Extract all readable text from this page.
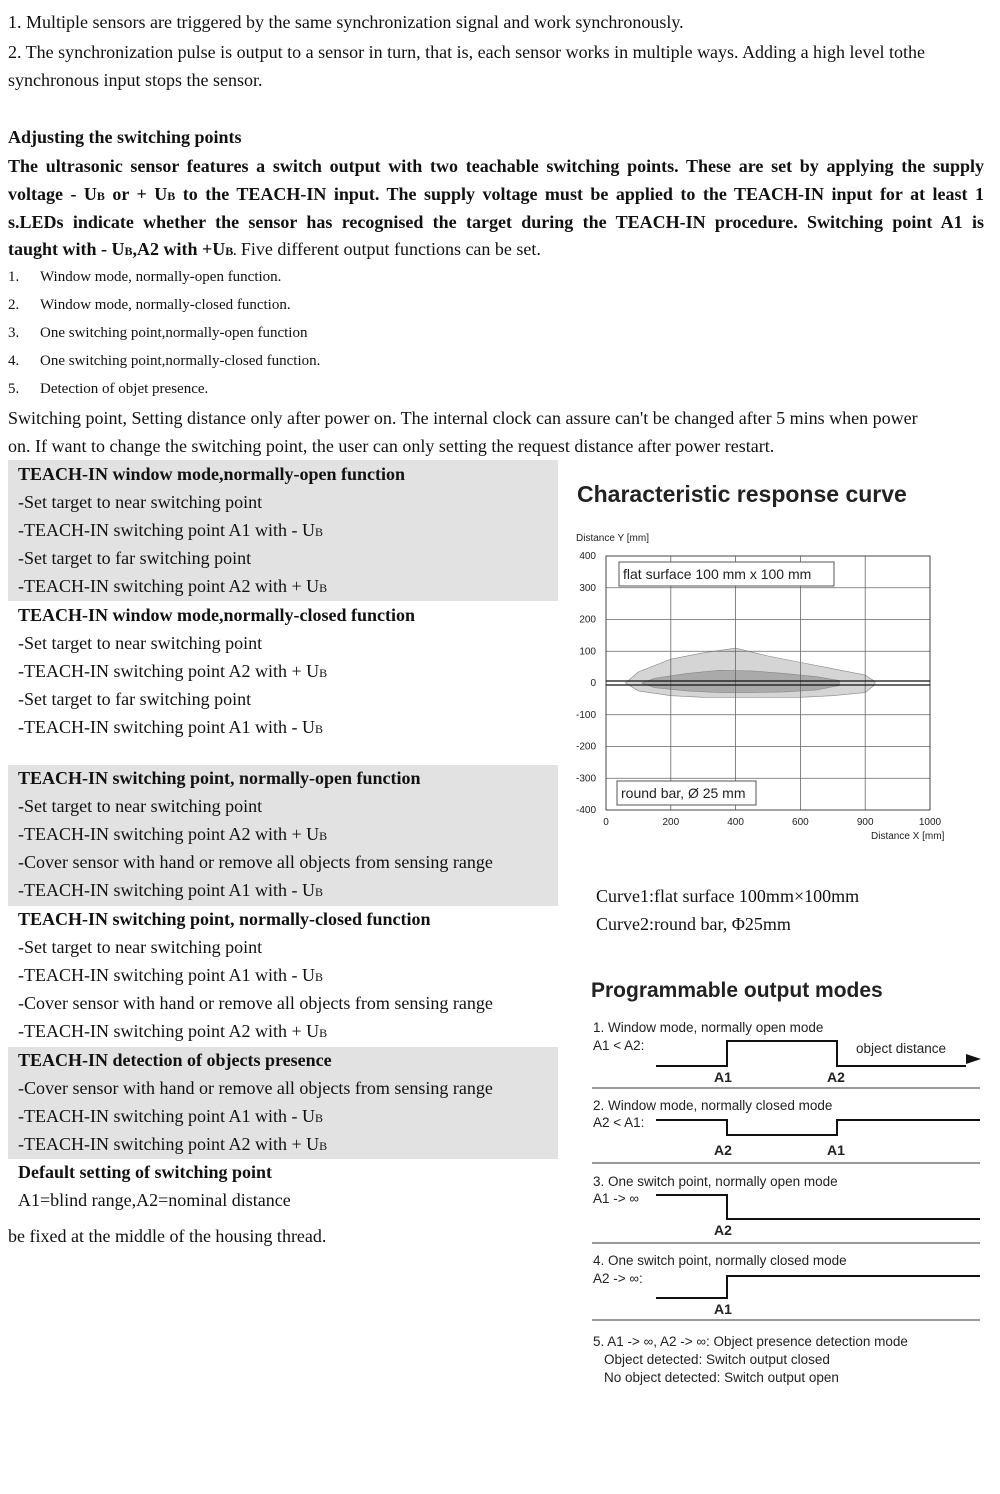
1. Multiple sensors are triggered by the same synchronization signal and work synchronously.
2. The synchronization pulse is output to a sensor in turn, that is, each sensor works in multiple ways. Adding a high level tothe
synchronous input stops the sensor.
Adjusting the switching points
The ultrasonic sensor features a switch output with two teachable switching points. These are set by applying the supply
voltage - UB or + UB to the TEACH-IN input. The supply voltage must be applied to the TEACH-IN input for at least 1
s.LEDs indicate whether the sensor has recognised the target during the TEACH-IN procedure. Switching point A1 is
taught with - UB,A2 with +UB. Five different output functions can be set.
1. Window mode, normally-open function.
2. Window mode, normally-closed function.
3. One switching point,normally-open function
4. One switching point,normally-closed function.
5. Detection of objet presence.
Switching point, Setting distance only after power on. The internal clock can assure can't be changed after 5 mins when power
on. If want to change the switching point, the user can only setting the request distance after power restart.
TEACH-IN window mode,normally-open function
-Set target to near switching point
-TEACH-IN switching point A1 with - UB
-Set target to far switching point
-TEACH-IN switching point A2 with + UB
TEACH-IN window mode,normally-closed function
-Set target to near switching point
-TEACH-IN switching point A2 with + UB
-Set target to far switching point
-TEACH-IN switching point A1 with - UB
TEACH-IN switching point, normally-open function
-Set target to near switching point
-TEACH-IN switching point A2 with + UB
-Cover sensor with hand or remove all objects from sensing range
-TEACH-IN switching point A1 with - UB
TEACH-IN switching point, normally-closed function
-Set target to near switching point
-TEACH-IN switching point A1 with - UB
-Cover sensor with hand or remove all objects from sensing range
-TEACH-IN switching point A2 with + UB
TEACH-IN detection of objects presence
-Cover sensor with hand or remove all objects from sensing range
-TEACH-IN switching point A1 with - UB
-TEACH-IN switching point A2 with + UB
Default setting of switching point
A1=blind range,A2=nominal distance
be fixed at the middle of the housing thread.
Characteristic response curve
Distance Y [mm]
Distance X [mm]
400
300
200
100
0
-100
-200
-300
-400
0	200	400	600	900	1000
flat surface 100 mm x 100 mm
round bar, Ø 25 mm
Curve1:flat surface 100mm×100mm
Curve2:round bar, Φ25mm
Programmable output modes
1. Window mode, normally open mode
A1 < A2:	object distance
A1	A2
2. Window mode, normally closed mode
A2 < A1:
A2	A1
3. One switch point, normally open mode
A1 -> ∞
A2
4. One switch point, normally closed mode
A2 -> ∞:
A1
5. A1 -> ∞, A2 -> ∞: Object presence detection mode
Object detected: Switch output closed
No object detected: Switch output open
